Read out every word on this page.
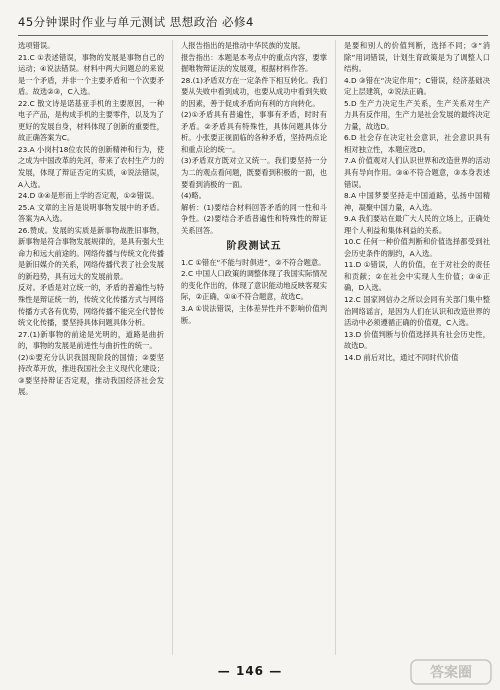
45分钟课时作业与单元测试 思想政治 必修4

选项错误。

21.C ①表述错误，事物的发展是事物自己的运动；④说法错误。材料中两大问题总的来说是一个矛盾，并非一个主要矛盾和一个次要矛盾。故选②③，C入选。

22.C 散文诗是诺基亚手机的主要原因，一种电子产品，是构成手机的主要零件，以及为了更好的发展自身，材料体现了创新的重要性，故正确答案为C。

23.A 小岗村18位农民的创新精神和行为，使之成为中国改革的先河，带来了农村生产力的发展，体现了辩证否定的实质，④说法错误，A入选。

24.D ③④是形而上学的否定观，①②错误。

25.A 文章的主旨是说明事物发展中的矛盾。答案为A入选。

26.赞成。发展的实质是新事物战胜旧事物，新事物是符合事物发展规律的，是具有强大生命力和远大前途的。网络传播与传统文化传播是新旧媒介的关系，网络传播代表了社会发展的新趋势，具有远大的发展前景。

反对。矛盾是对立统一的，矛盾的普遍性与特殊性是辩证统一的，传统文化传播方式与网络传播方式各有优势，网络传播不能完全代替传统文化传播，要坚持具体问题具体分析。

27.(1)新事物的前途是光明的，道路是曲折的，事物的发展是前进性与曲折性的统一。

(2)①要充分认识我国现阶段的国情；②要坚持改革开放，推进我国社会主义现代化建设；③要坚持辩证否定观，推动我国经济社会发展。

人报告指出的是推动中华民族的发展。

报告指出：本题是本考点中的重点内容，要掌握唯物辩证法的发展观，根据材料作答。

28.(1)矛盾双方在一定条件下相互转化。我们要从失败中看到成功，也要从成功中看到失败的因素，善于促成矛盾向有利的方向转化。

(2)①矛盾具有普遍性，事事有矛盾，时时有矛盾。②矛盾具有特殊性，具体问题具体分析。小张要正视面临的各种矛盾，坚持两点论和重点论的统一。

(3)矛盾双方既对立又统一。我们要坚持一分为二的观点看问题，既要看到积极的一面，也要看到消极的一面。

(4)略。

解析：(1)要结合材料回答矛盾的同一性和斗争性。(2)要结合矛盾普遍性和特殊性的辩证关系回答。

阶段测试五

1.C ①错在“不能与时俱进”，②不符合题意。

2.C 中国人口政策的调整体现了我国实际情况的变化作出的，体现了意识能动地反映客观实际，②正确，①④不符合题意，故选C。

3.A ①说法错误，主体差异性并不影响价值判断。

是要和别人的价值判断，选择不同；③“消除”用词错误，计划生育政策是为了调整人口结构。

4.D ③错在“决定作用”；C错误，经济基础决定上层建筑，②说法正确。

5.D 生产力决定生产关系，生产关系对生产力具有反作用，生产力是社会发展的最终决定力量，故选D。

6.D 社会存在决定社会意识，社会意识具有相对独立性，本题应选D。

7.A 价值观对人们认识世界和改造世界的活动具有导向作用。③④不符合题意，③本身表述错误。

8.A 中国梦要坚持走中国道路，弘扬中国精神，凝聚中国力量，A入选。

9.A 我们要站在最广大人民的立场上，正确处理个人利益和集体利益的关系。

10.C 任何一种价值判断和价值选择都受到社会历史条件的制约，A入选。

11.D ①错误，人的价值，在于对社会的责任和贡献；②在社会中实现人生价值；③④正确，D入选。

12.C 国家网信办之所以会同有关部门集中整治网络谣言，是因为人们在认识和改造世界的活动中必须遵循正确的价值观，C入选。

13.D 价值判断与价值选择具有社会历史性，故选D。

14.D 前后对比，通过不同时代价值

— 146 —	答案圈
